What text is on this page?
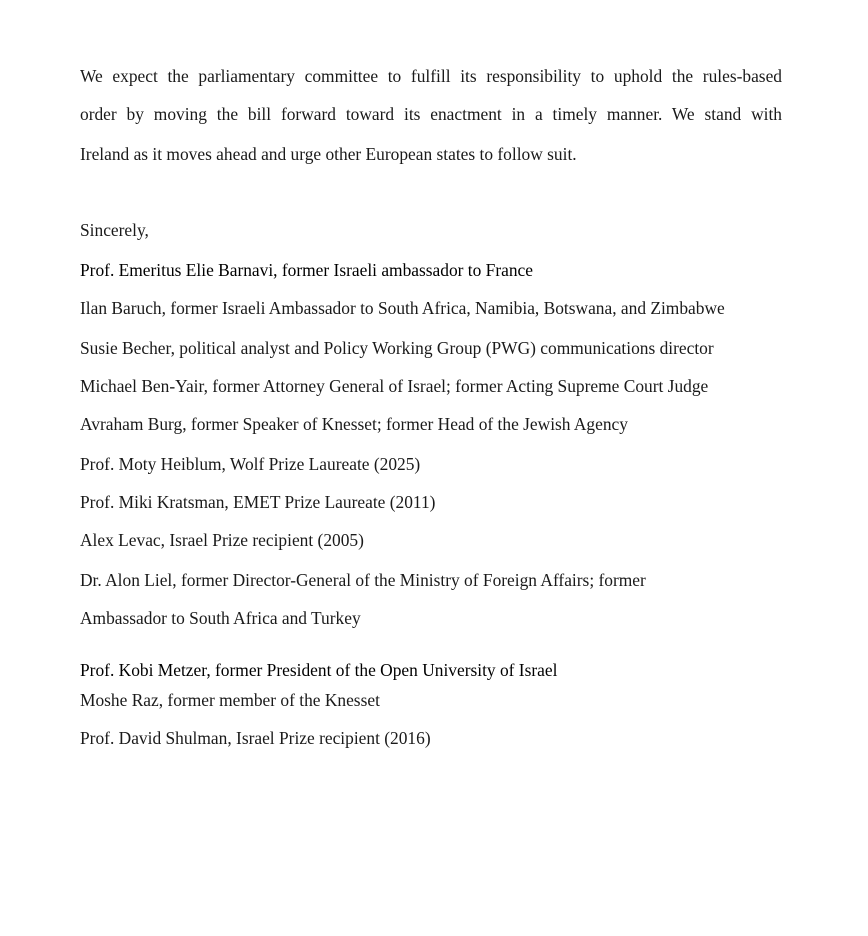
We expect the parliamentary committee to fulfill its responsibility to uphold the rules-based
order by moving the bill forward toward its enactment in a timely manner. We stand with
Ireland as it moves ahead and urge other European states to follow suit.
Sincerely,
Prof. Emeritus Elie Barnavi, former Israeli ambassador to France
Ilan Baruch, former Israeli Ambassador to South Africa, Namibia, Botswana, and Zimbabwe
Susie Becher, political analyst and Policy Working Group (PWG) communications director
Michael Ben-Yair, former Attorney General of Israel; former Acting Supreme Court Judge
Avraham Burg, former Speaker of Knesset; former Head of the Jewish Agency
Prof. Moty Heiblum, Wolf Prize Laureate (2025)
Prof. Miki Kratsman, EMET Prize Laureate (2011)
Alex Levac, Israel Prize recipient (2005)
Dr. Alon Liel, former Director-General of the Ministry of Foreign Affairs; former
Ambassador to South Africa and Turkey
Prof. Kobi Metzer, former President of the Open University of Israel
Moshe Raz, former member of the Knesset
Prof. David Shulman, Israel Prize recipient (2016)
